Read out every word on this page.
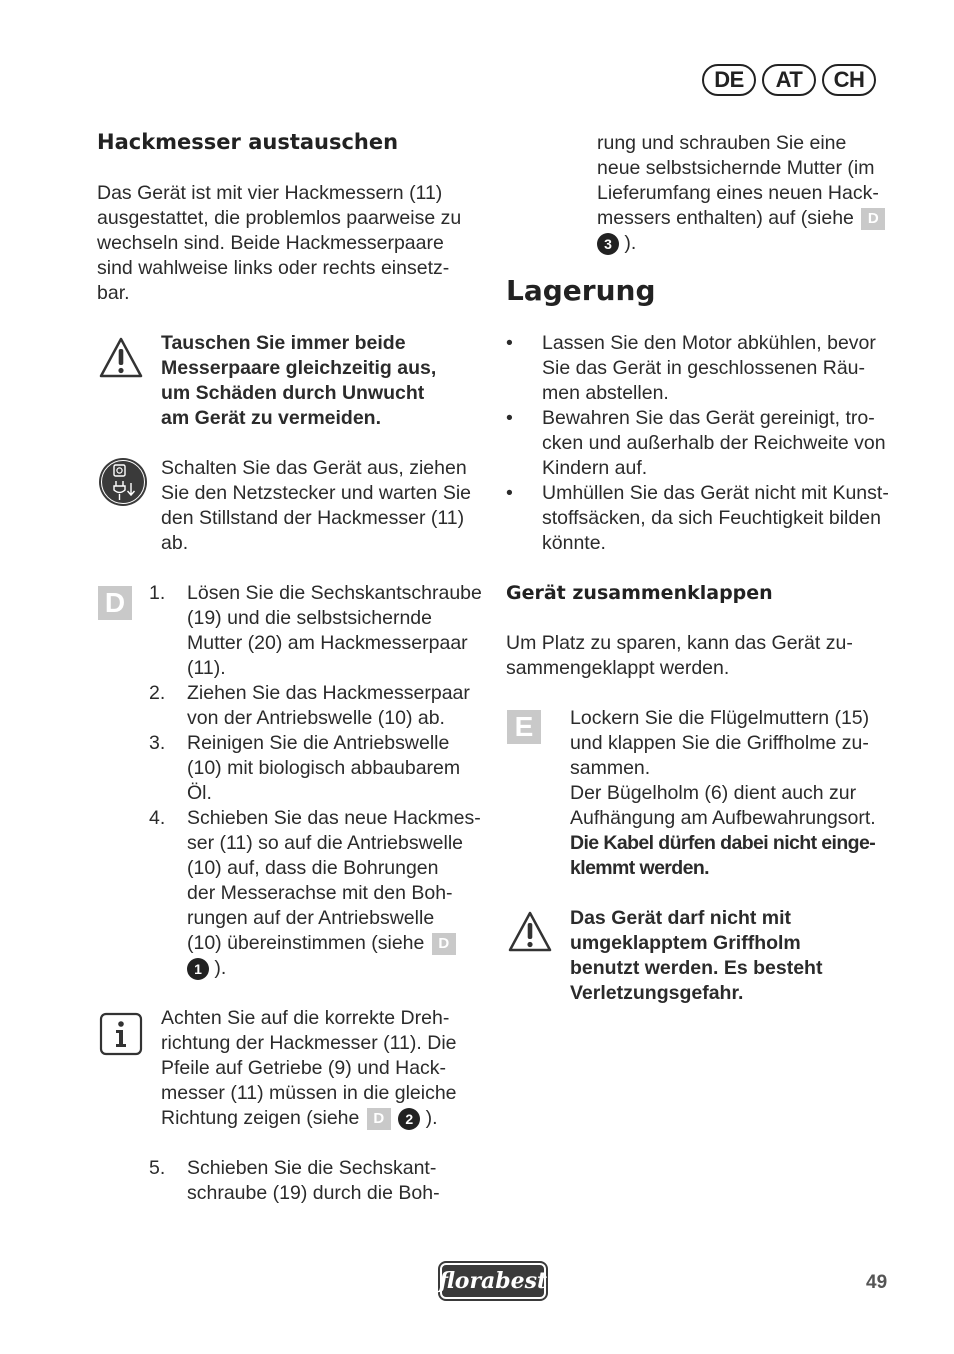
DE	AT	CH
Hackmesser austauschen
Das Gerät ist mit vier Hackmessern (11)
ausgestattet, die problemlos paarweise zu
wechseln sind. Beide Hackmesserpaare
sind wahlweise links oder rechts einsetz-
bar.
Tauschen Sie immer beide
Messerpaare gleichzeitig aus,
um Schäden durch Unwucht
am Gerät zu vermeiden.
Schalten Sie das Gerät aus, ziehen
Sie den Netzstecker und warten Sie
den Stillstand der Hackmesser (11)
ab.
D	1. Lösen Sie die Sechskantschraube
(19) und die selbstsichernde
Mutter (20) am Hackmesserpaar
(11).
2. Ziehen Sie das Hackmesserpaar
von der Antriebswelle (10) ab.
3. Reinigen Sie die Antriebswelle
(10) mit biologisch abbaubarem
Öl.
4. Schieben Sie das neue Hackmes-
ser (11) so auf die Antriebswelle
(10) auf, dass die Bohrungen
der Messerachse mit den Boh-
rungen auf der Antriebswelle
(10) übereinstimmen (siehe D
1 ).
Achten Sie auf die korrekte Dreh-
richtung der Hackmesser (11). Die
Pfeile auf Getriebe (9) und Hack-
messer (11) müssen in die gleiche
Richtung zeigen (siehe D 2 ).
5. Schieben Sie die Sechskant-
schraube (19) durch die Boh-
rung und schrauben Sie eine
neue selbstsichernde Mutter (im
Lieferumfang eines neuen Hack-
messers enthalten) auf (siehe D
3 ).
Lagerung
• Lassen Sie den Motor abkühlen, bevor
Sie das Gerät in geschlossenen Räu-
men abstellen.
• Bewahren Sie das Gerät gereinigt, tro-
cken und außerhalb der Reichweite von
Kindern auf.
• Umhüllen Sie das Gerät nicht mit Kunst-
stoffsäcken, da sich Feuchtigkeit bilden
könnte.
Gerät zusammenklappen
Um Platz zu sparen, kann das Gerät zu-
sammengeklappt werden.
E	Lockern Sie die Flügelmuttern (15)
und klappen Sie die Griffholme zu-
sammen.
Der Bügelholm (6) dient auch zur
Aufhängung am Aufbewahrungsort.
Die Kabel dürfen dabei nicht einge-
klemmt werden.
Das Gerät darf nicht mit
umgeklapptem Griffholm
benutzt werden. Es besteht
Verletzungsgefahr.
florabest	49
